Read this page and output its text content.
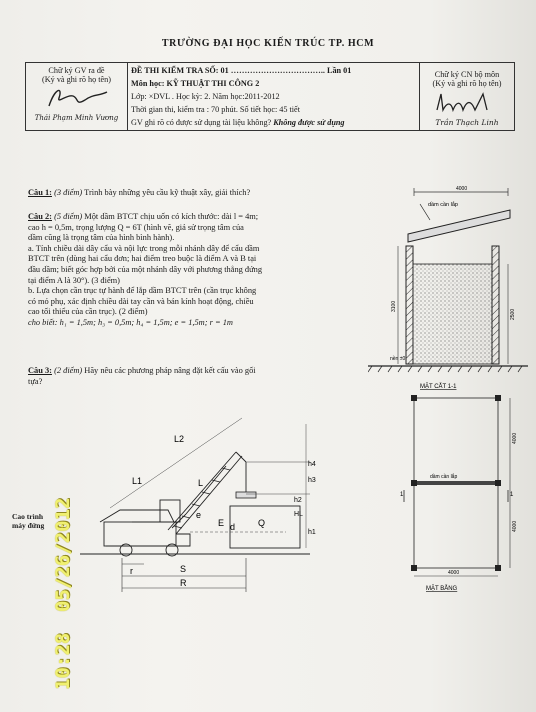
TRƯỜNG ĐẠI HỌC KIẾN TRÚC TP. HCM
Chữ ký GV ra đề
(Ký và ghi rõ họ tên)
Thái Phạm Minh Vương

ĐỀ THI KIỂM TRA SỐ: 01 …………………………….. Lần 01
Môn học: KỸ THUẬT THI CÔNG 2
Lớp: ×DVL . Học kỳ: 2. Năm học:2011-2012
Thời gian thi, kiểm tra : 70 phút. Số tiết học: 45 tiết
GV ghi rõ có được sử dụng tài liệu không? Không được sử dụng

Chữ ký CN bộ môn
(Ký và ghi rõ họ tên)
Trần Thạch Linh
Câu 1: (3 điểm) Trình bày những yêu cầu kỹ thuật xây, giải thích?
Câu 2: (5 điểm) Một dầm BTCT chịu uốn có kích thước: dài l = 4m;
cao h = 0,5m, trọng lượng Q = 6T (hình vẽ, giả sử trọng tâm của
dầm cũng là trọng tâm của hình bình hành).
a. Tính chiều dài dây cẩu và nội lực trong mỗi nhánh dây để cẩu dầm
BTCT trên (dùng hai cẩu đơn; hai điểm treo buộc là điểm A và B tại
đầu dầm; biết góc hợp bởi của một nhánh dây với phương thẳng đứng
tại điểm A là 30°). (3 điểm)
b. Lựa chọn cần trục tự hành để lắp dầm BTCT trên (cần trục không
có mỏ phụ, xác định chiều dài tay cần và bán kính hoạt động, chiều
cao tối thiểu của cần trục). (2 điểm)
cho biết: h₁ = 1,5m; h₃ = 0,5m; h₄ = 1,5m; e = 1,5m; r = 1m
Câu 3: (2 điểm) Hãy nêu các phương pháp nâng đặt kết cấu vào gối
tựa?
4000
dầm cần lắp
3100
2500
nền ±0
MẶT CẮT 1-1
dầm cần lắp
1	1
4000
4000
4000
MẶT BẰNG
L2
L1	L
E
e
d	Q
h1
h2
h3
h4
HL
r	S
R
Cao trình máy đứng 05/26/2012
10:28
